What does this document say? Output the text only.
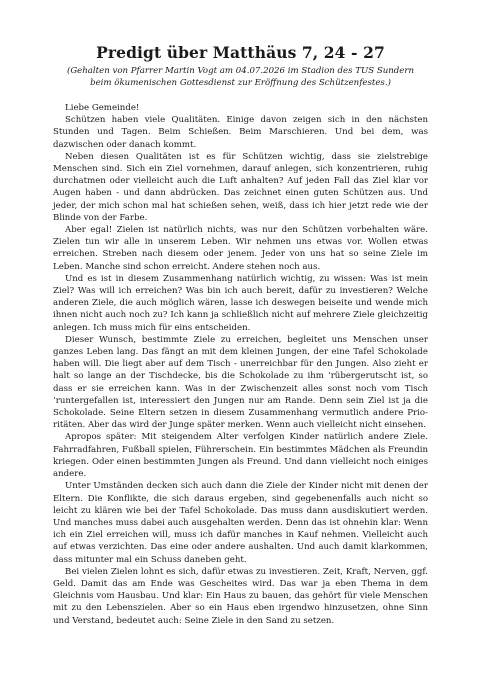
Predigt über Matthäus 7, 24 - 27
(Gehalten von Pfarrer Martin Vogt am 04.07.2026 im Stadion des TUS Sundern
beim ökumenischen Gottesdienst zur Eröffnung des Schützenfestes.)

Liebe Gemeinde!

Schützen haben viele Qualitäten. Einige davon zeigen sich in den nächsten Stunden und Tagen. Beim Schießen. Beim Marschieren. Und bei dem, was dazwischen oder danach kommt.

Neben diesen Qualitäten ist es für Schützen wichtig, dass sie zielstrebige Menschen sind. Sich ein Ziel vornehmen, darauf anlegen, sich konzentrieren, ruhig durchatmen oder vielleicht auch die Luft anhalten? Auf jeden Fall das Ziel klar vor Augen haben - und dann abdrücken. Das zeichnet einen guten Schützen aus. Und jeder, der mich schon mal hat schießen sehen, weiß, dass ich hier jetzt rede wie der Blinde von der Farbe.

Aber egal! Zielen ist natürlich nichts, was nur den Schützen vorbehalten wäre. Zielen tun wir alle in unserem Leben. Wir nehmen uns etwas vor. Wollen etwas erreichen. Streben nach diesem oder jenem. Jeder von uns hat so seine Ziele im Leben. Manche sind schon erreicht. Andere stehen noch aus.

Und es ist in diesem Zusammenhang natürlich wichtig, zu wissen: Was ist mein Ziel? Was will ich erreichen? Was bin ich auch bereit, dafür zu investieren? Welche anderen Ziele, die auch möglich wären, lasse ich deswegen beiseite und wende mich ihnen nicht auch noch zu? Ich kann ja schließlich nicht auf mehrere Ziele gleichzeitig anlegen. Ich muss mich für eins entscheiden.

Dieser Wunsch, bestimmte Ziele zu erreichen, begleitet uns Menschen unser ganzes Leben lang. Das fängt an mit dem kleinen Jungen, der eine Tafel Schokolade haben will. Die liegt aber auf dem Tisch - unerreichbar für den Jungen. Also zieht er halt so lange an der Tischdecke, bis die Schokolade zu ihm ‘rübergerutscht ist, so dass er sie erreichen kann. Was in der Zwischenzeit alles sonst noch vom Tisch ‘runtergefallen ist, interessiert den Jungen nur am Rande. Denn sein Ziel ist ja die Schokolade. Seine Eltern setzen in diesem Zusammenhang vermutlich andere Prioritäten. Aber das wird der Junge später merken. Wenn auch vielleicht nicht einsehen.

Apropos später: Mit steigendem Alter verfolgen Kinder natürlich andere Ziele. Fahrradfahren, Fußball spielen, Führerschein. Ein bestimmtes Mädchen als Freundin kriegen. Oder einen bestimmten Jungen als Freund. Und dann vielleicht noch einiges andere.

Unter Umständen decken sich auch dann die Ziele der Kinder nicht mit denen der Eltern. Die Konflikte, die sich daraus ergeben, sind gegebenenfalls auch nicht so leicht zu klären wie bei der Tafel Schokolade. Das muss dann ausdiskutiert werden. Und manches muss dabei auch ausgehalten werden. Denn das ist ohnehin klar: Wenn ich ein Ziel erreichen will, muss ich dafür manches in Kauf nehmen. Vielleicht auch auf etwas verzichten. Das eine oder andere aushalten. Und auch damit klarkommen, dass mitunter mal ein Schuss daneben geht.

Bei vielen Zielen lohnt es sich, dafür etwas zu investieren. Zeit, Kraft, Nerven, ggf. Geld. Damit das am Ende was Gescheites wird. Das war ja eben Thema in dem Gleichnis vom Hausbau. Und klar: Ein Haus zu bauen, das gehört für viele Menschen mit zu den Lebenszielen. Aber so ein Haus eben irgendwo hinzusetzen, ohne Sinn und Verstand, bedeutet auch: Seine Ziele in den Sand zu setzen.
